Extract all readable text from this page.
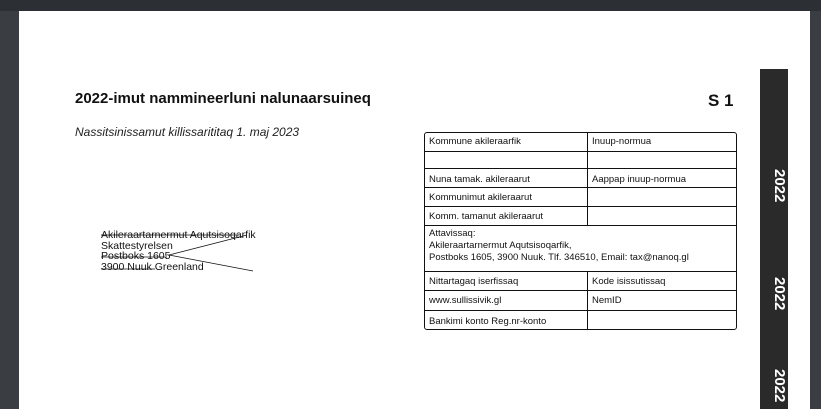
2022-imut nammineerluni nalunaarsuineq	S 1
Nassitsinissamut killissarititaq 1. maj 2023
Akileraartarnermut Aqutsisoqarfik
Skattestyrelsen
Postboks 1605
3900 Nuuk Greenland
Kommune akileraarfik	Inuup-normua
Nuna tamak. akileraarut	Aappap inuup-normua
Kommunimut akileraarut
Komm. tamanut akileraarut
Attavissaq:
Akileraartarnermut Aqutsisoqarfik,
Postboks 1605, 3900 Nuuk. Tlf. 346510, Email: tax@nanoq.gl
Nittartagaq iserfissaq	Kode isissutissaq
www.sullissivik.gl	NemID
Bankimi konto Reg.nr-konto
2022
2022
2022
